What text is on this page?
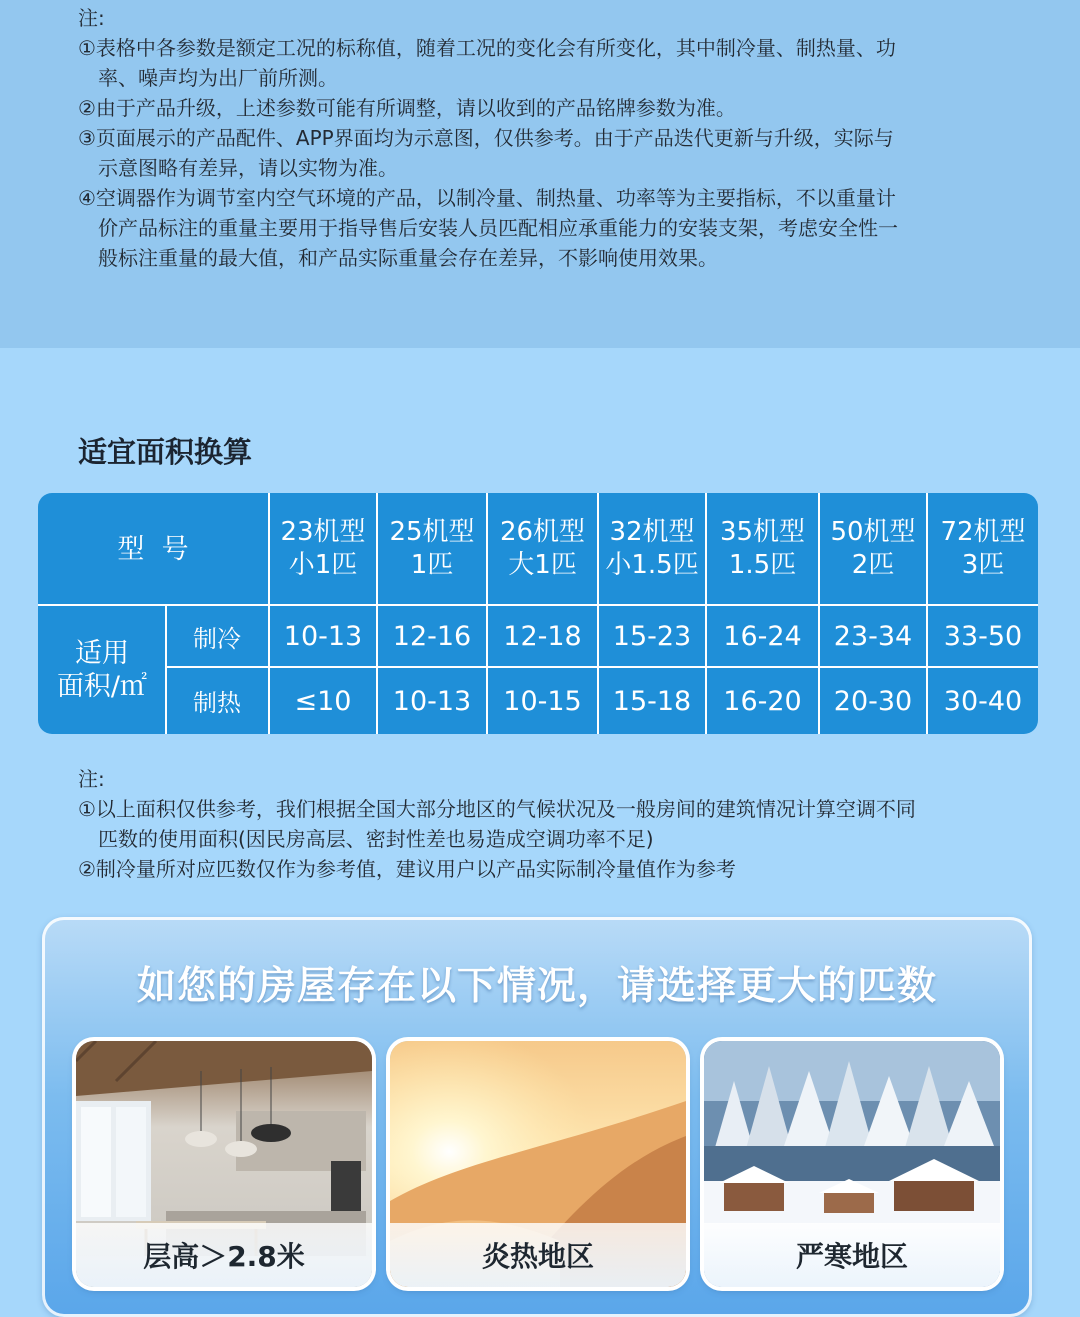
注:

①表格中各参数是额定工况的标称值，随着工况的变化会有所变化，其中制冷量、制热量、功

率、噪声均为出厂前所测。

②由于产品升级，上述参数可能有所调整，请以收到的产品铭牌参数为准。

③页面展示的产品配件、APP界面均为示意图，仅供参考。由于产品迭代更新与升级，实际与

示意图略有差异，请以实物为准。

④空调器作为调节室内空气环境的产品，以制冷量、制热量、功率等为主要指标，不以重量计

价产品标注的重量主要用于指导售后安装人员匹配相应承重能力的安装支架，考虑安全性一

般标注重量的最大值，和产品实际重量会存在差异，不影响使用效果。

适宜面积换算
型  号
适用
面积/㎡
制冷
制热
23机型
小1匹
10-13
≤10
25机型
1匹
12-16
10-13
26机型
大1匹
12-18
10-15
32机型
小1.5匹
15-23
15-18
35机型
1.5匹
16-24
16-20
50机型
2匹
23-34
20-30
72机型
3匹
33-50
30-40

注:

①以上面积仅供参考，我们根据全国大部分地区的气候状况及一般房间的建筑情况计算空调不同

匹数的使用面积(因民房高层、密封性差也易造成空调功率不足)

②制冷量所对应匹数仅作为参考值，建议用户以产品实际制冷量值作为参考

如您的房屋存在以下情况，请选择更大的匹数
层高＞2.8米	炎热地区	严寒地区
